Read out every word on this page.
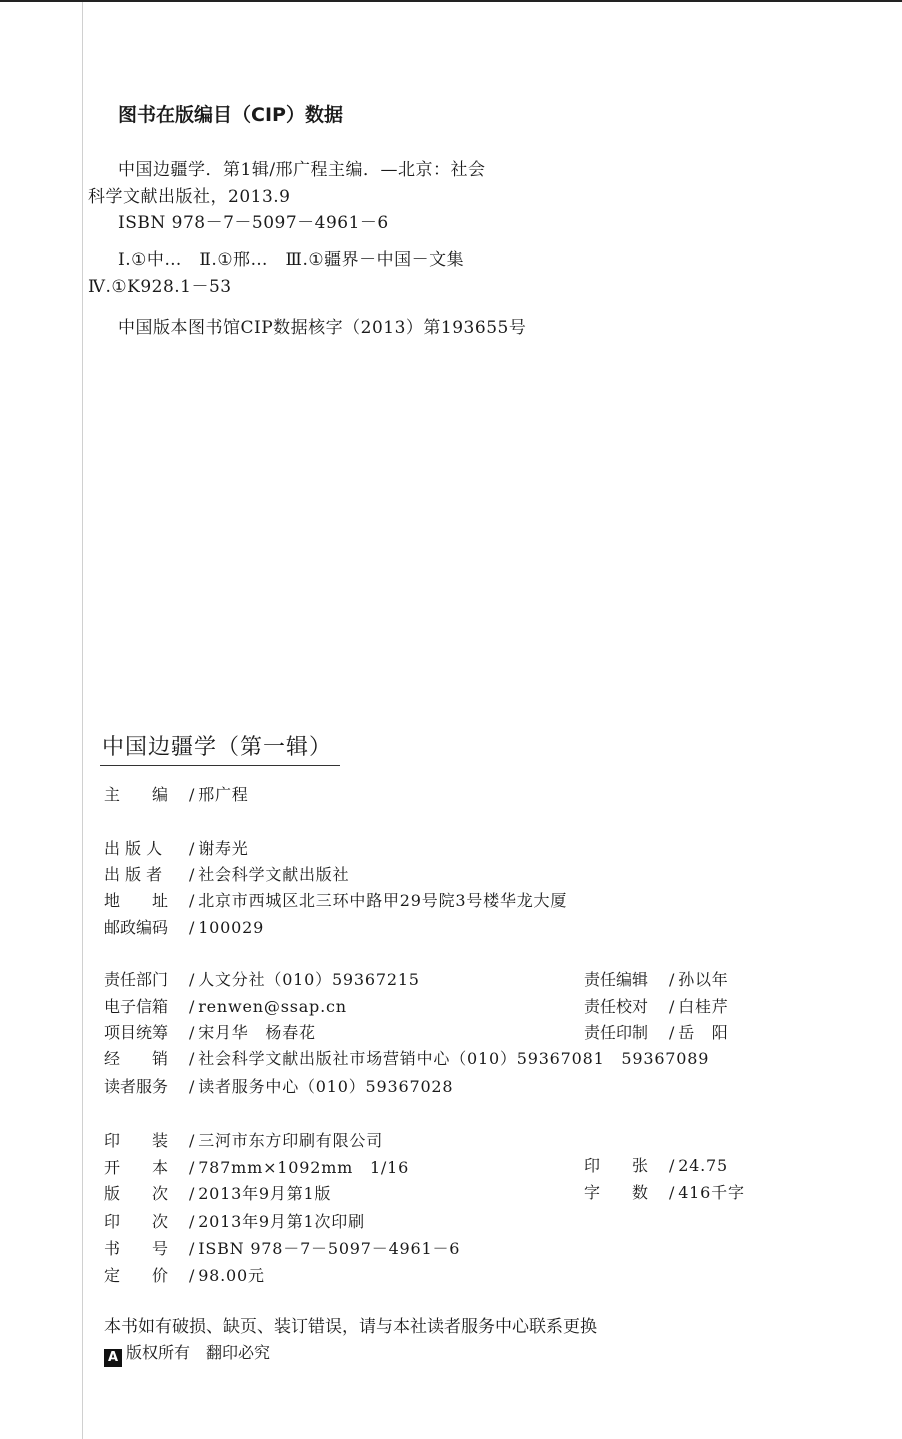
图书在版编目（CIP）数据
中国边疆学．第1辑/邢广程主编．—北京：社会
科学文献出版社，2013.9
ISBN 978－7－5097－4961－6
Ⅰ.①中…　Ⅱ.①邢…　Ⅲ.①疆界－中国－文集
Ⅳ.①K928.1－53
中国版本图书馆CIP数据核字（2013）第193655号
中国边疆学（第一辑）
主　　编 / 邢广程
出 版 人 / 谢寿光
出 版 者 / 社会科学文献出版社
地　　址 / 北京市西城区北三环中路甲29号院3号楼华龙大厦
邮政编码 / 100029
责任部门 / 人文分社（010）59367215
电子信箱 / renwen@ssap.cn
项目统筹 / 宋月华　杨春花
经　　销 / 社会科学文献出版社市场营销中心（010）59367081　59367089
读者服务 / 读者服务中心（010）59367028
责任编辑 / 孙以年
责任校对 / 白桂芹
责任印制 / 岳　阳
印　　装 / 三河市东方印刷有限公司
开　　本 / 787mm×1092mm　1/16
版　　次 / 2013年9月第1版
印　　次 / 2013年9月第1次印刷
书　　号 / ISBN 978－7－5097－4961－6
定　　价 / 98.00元
印　　张 / 24.75
字　　数 / 416千字
本书如有破损、缺页、装订错误，请与本社读者服务中心联系更换
A 版权所有 翻印必究
